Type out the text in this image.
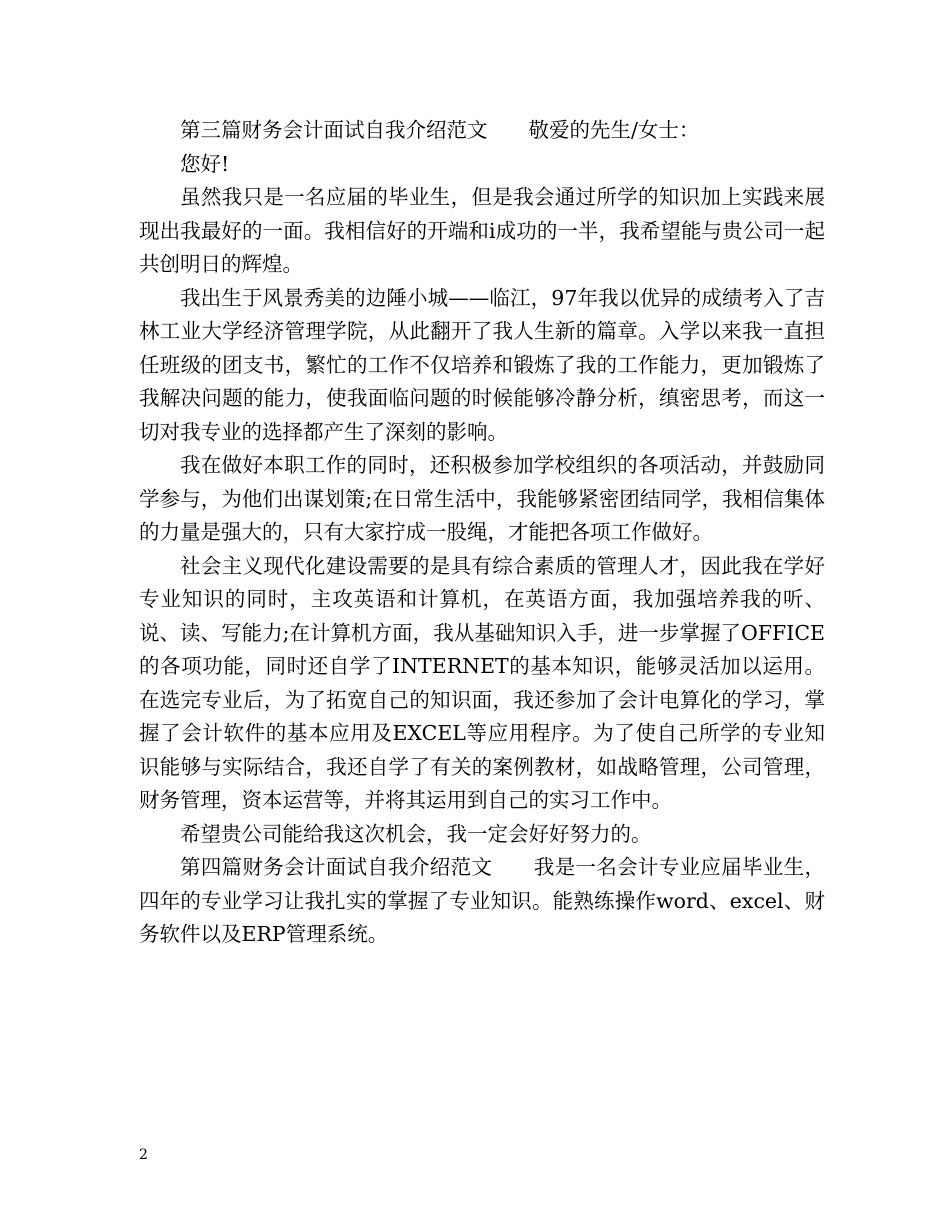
第三篇财务会计面试自我介绍范文　　敬爱的先生/女士：

您好!

虽然我只是一名应届的毕业生，但是我会通过所学的知识加上实践来展现出我最好的一面。我相信好的开端和ⅰ成功的一半，我希望能与贵公司一起共创明日的辉煌。

我出生于风景秀美的边陲小城——临江，97年我以优异的成绩考入了吉林工业大学经济管理学院，从此翻开了我人生新的篇章。入学以来我一直担任班级的团支书，繁忙的工作不仅培养和锻炼了我的工作能力，更加锻炼了我解决问题的能力，使我面临问题的时候能够冷静分析，缜密思考，而这一切对我专业的选择都产生了深刻的影响。

我在做好本职工作的同时，还积极参加学校组织的各项活动，并鼓励同学参与，为他们出谋划策;在日常生活中，我能够紧密团结同学，我相信集体的力量是强大的，只有大家拧成一股绳，才能把各项工作做好。

社会主义现代化建设需要的是具有综合素质的管理人才，因此我在学好专业知识的同时，主攻英语和计算机，在英语方面，我加强培养我的听、说、读、写能力;在计算机方面，我从基础知识入手，进一步掌握了OFFICE的各项功能，同时还自学了INTERNET的基本知识，能够灵活加以运用。在选完专业后，为了拓宽自己的知识面，我还参加了会计电算化的学习，掌握了会计软件的基本应用及EXCEL等应用程序。为了使自己所学的专业知识能够与实际结合，我还自学了有关的案例教材，如战略管理，公司管理，财务管理，资本运营等，并将其运用到自己的实习工作中。

希望贵公司能给我这次机会，我一定会好好努力的。

第四篇财务会计面试自我介绍范文　　我是一名会计专业应届毕业生，四年的专业学习让我扎实的掌握了专业知识。能熟练操作word、excel、财务软件以及ERP管理系统。

2
